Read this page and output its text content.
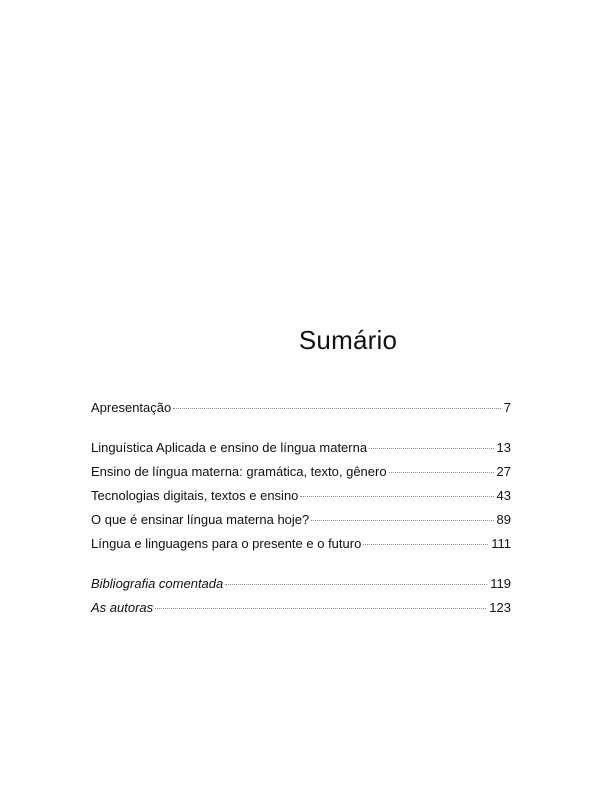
Sumário
Apresentação	7
Linguística Aplicada e ensino de língua materna	13
Ensino de língua materna: gramática, texto, gênero	27
Tecnologias digitais, textos e ensino	43
O que é ensinar língua materna hoje?	89
Língua e linguagens para o presente e o futuro	111
Bibliografia comentada	119
As autoras	123
